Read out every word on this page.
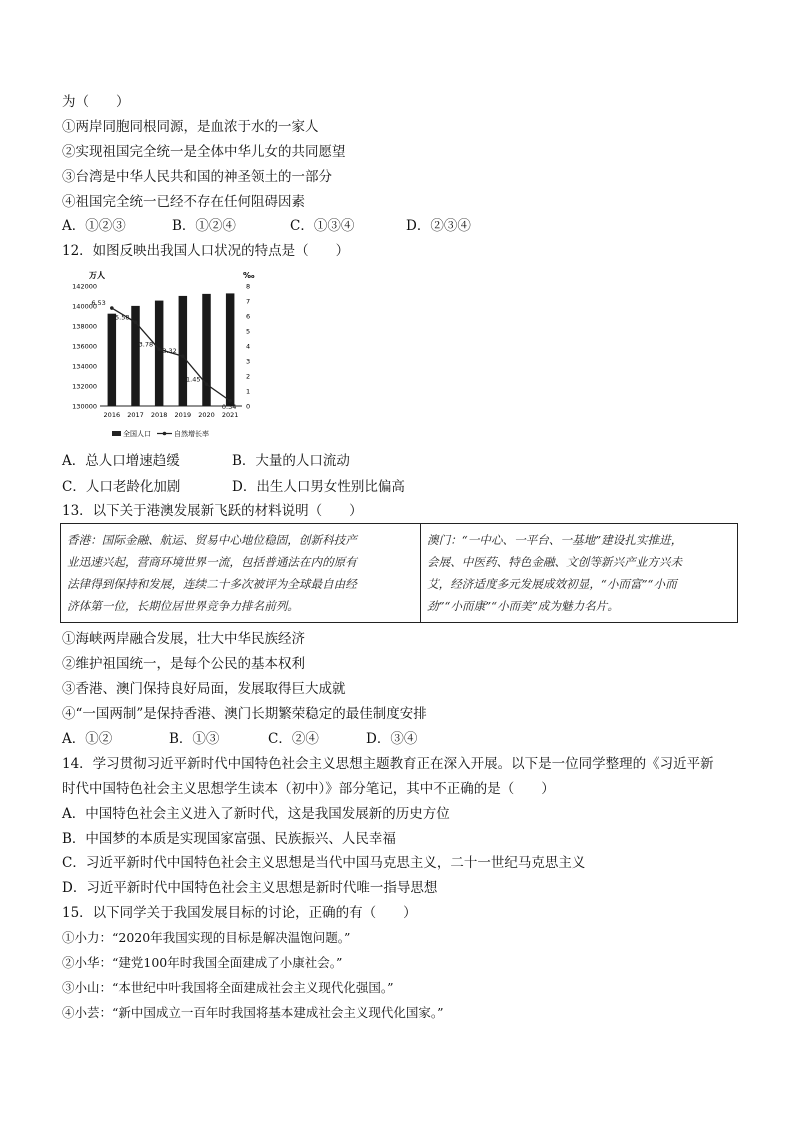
为（　　）
①两岸同胞同根同源，是血浓于水的一家人
②实现祖国完全统一是全体中华儿女的共同愿望
③台湾是中华人民共和国的神圣领土的一部分
④祖国完全统一已经不存在任何阻碍因素
A．①②③	B．①②④	C．①③④	D．②③④
12．如图反映出我国人口状况的特点是（　　）
万人	‰
142000
140000
138000
136000
134000
132000
130000
8
7
6
5
4
3
2
1
0
6.53
5.58
3.78
3.32
1.45
0.34
2016 2017 2018 2019 2020 2021
全国人口	自然增长率
A．总人口增速趋缓	B．大量的人口流动
C．人口老龄化加剧	D．出生人口男女性别比偏高
13．以下关于港澳发展新飞跃的材料说明（　　）
香港：国际金融、航运、贸易中心地位稳固，创新科技产
业迅速兴起，营商环境世界一流，包括普通法在内的原有
法律得到保持和发展，连续二十多次被评为全球最自由经
济体第一位，长期位居世界竞争力排名前列。

澳门：“一中心、一平台、一基地”建设扎实推进，
会展、中医药、特色金融、文创等新兴产业方兴未
艾，经济适度多元发展成效初显，“小而富”“小而
劲”“小而康”“小而美”成为魅力名片。
①海峡两岸融合发展，壮大中华民族经济
②维护祖国统一，是每个公民的基本权利
③香港、澳门保持良好局面，发展取得巨大成就
④“一国两制”是保持香港、澳门长期繁荣稳定的最佳制度安排
A．①②	B．①③	C．②④	D．③④
14．学习贯彻习近平新时代中国特色社会主义思想主题教育正在深入开展。以下是一位同学整理的《习近平新
时代中国特色社会主义思想学生读本（初中）》部分笔记，其中不正确的是（　　）
A．中国特色社会主义进入了新时代，这是我国发展新的历史方位
B．中国梦的本质是实现国家富强、民族振兴、人民幸福
C．习近平新时代中国特色社会主义思想是当代中国马克思主义，二十一世纪马克思主义
D．习近平新时代中国特色社会主义思想是新时代唯一指导思想
15．以下同学关于我国发展目标的讨论，正确的有（　　）
①小力：“2020年我国实现的目标是解决温饱问题。”
②小华：“建党100年时我国全面建成了小康社会。”
③小山：“本世纪中叶我国将全面建成社会主义现代化强国。”
④小芸：“新中国成立一百年时我国将基本建成社会主义现代化国家。”
